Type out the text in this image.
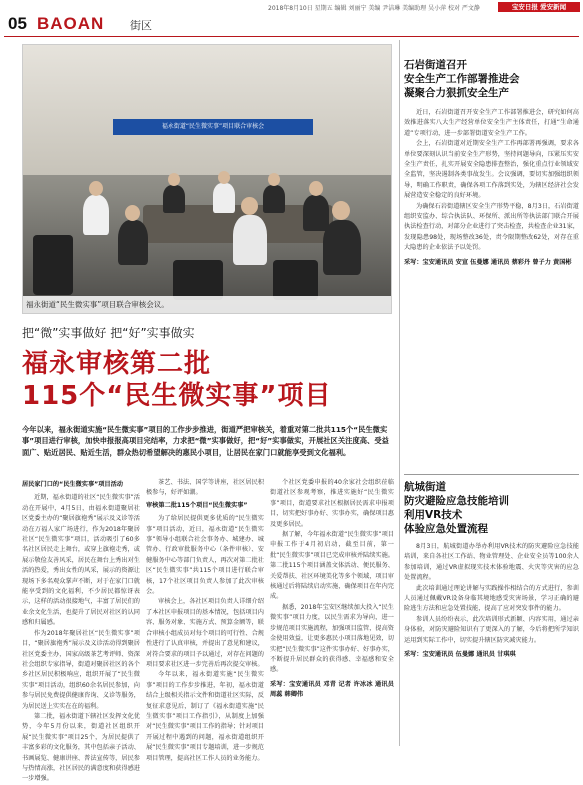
05 BAOAN 街区
2018年8月10日 星期五 编辑 刘丽宁 美编 尹洁琳 美编助理 吴小萍 校对 严文静	宝安日报 爱安新闻
福永街道“民生微实事”项目联合审核会
福永街道“民生微实事”项目联合审核会议。
把“微”实事做好 把“好”实事做实
福永审核第二批
115个“民生微实事”项目
今年以来，福永街道实施“民生微实事”项目的工作步步推进，街道严把审核关，着重对第二批共115个“民生微实事”项目进行审核，加快申报报高项目完结率，力求把“微”实事做好，把“好”实事做实，开展社区关注度高、受益面广、贴近居民、贴近生活，群众热切希望解决的惠民小项目，让居民在家门口就能享受到文化福利。

居民家门口的“民生微实事”项目活动

近期，福永街道的社区“民生微实事”活动在开展中，4月5日，由福永街道聚居社区党委主办的“聚居旗袍秀”展示及义诊等活动在万福人家广场进行，作为2018年聚居社区“民生微实事”项目，活动吸引了60多名社区居民走上舞台，或穿上旗袍走秀，或展示敬俭友善风采，居民在舞台上秀出对生活的热爱，秀出女性的风采，展示的资源让现场下多名观众掌声不断，对于在家门口就能享受到的文化福利，不少居民都惊讶表示，这样的活动很接地气，丰富了居民们的业余文化生活，也提升了居民对社区的认同感和归属感。

作为2018年聚居社区“民生微实事”项目，“聚居旗袍秀”展示及义诊活动得到聚居社区党委主办，国家高级茶艺考评师、资深社会组织专家指导，街道对聚居社区的各个乡社区居民积极响应，组织开展了“民生微实事”项目活动，组织60余名居民参加，向参与居民免费提供健康咨询、义诊等服务，为居民送上实实在在的福利。

第二批，福永街道下辖社区发挥文化优势，今年5月份以来，街道社区组织开展“民生微实事”项目25个，为居民提供了丰富多彩的文化服务，其中包括亲子活动、书画展览、健康讲座、普法宣传等，居民参与热情高涨，社区居民的满意度和获得感进一步增强。

茶艺、书法、国学等讲座，社区居民积极参与，好评如潮。

审核第二批115个项目“民生微实事”

为了给居民提供更多优质的“民生微实事”项目活动，近日，福永街道“民生微实事”领导小组联合社会事务办、城建办、城管办、行政审批服务中心（条件审核）、安健服务中心等部门负责人，再次对第二批社区“民生微实事”共115个项目进行联合审核，17个社区项目负责人参加了此次审核会。

审核会上，各社区项目负责人详细介绍了本社区申报项目的基本情况，包括项目内容、服务对象、实施方式、预算金额等，联合审核小组成员对每个项目的可行性、合规性进行了认真审核，并提出了意见和建议，对符合要求的项目予以通过，对存在问题的项目要求社区进一步完善后再次提交审核。

今年以来，福永街道实施“民生微实事”项目的工作步步推进，年初，福永街道结合上级相关指示文件和街道社区实际，反复征求意见后，制订了《福永街道实施“民生微实事”项目工作指引》，从制度上加强对“民生微实事”项目工作的指导；针对项目开展过程中遇到的问题，福永街道组织开展“民生微实事”项目专题培训，进一步规范项目管理，提高社区工作人员的业务能力。

个社区党委申报的40余家社会组织莅临街道社区参观考察，推进实施好“民生微实事”项目，街道要求社区根据居民需求申报项目，切实把好事办好、实事办实，确保项目惠及更多居民。

据了解，今年福永街道“民生微实事”项目申报工作于4月初启动，截至目前，第一批“民生微实事”项目已完成审核并陆续实施。第二批115个项目涵盖文体活动、便民服务、关爱帮扶、社区环境美化等多个领域，项目审核通过后将陆续启动实施，确保项目在年内完成。

据悉，2018年宝安区继续加大投入“民生微实事”项目力度，以民生需求为导向，进一步规范项目实施流程，加强项目监管，提高资金使用效益，让更多惠民小项目落地见效，切实把“民生微实事”这件实事办好、好事办实，不断提升居民群众的获得感、幸福感和安全感。

采写：宝安通讯员 邓青 记者 许冰冰 通讯员 周蕊 韩卿伟

石岩街道召开
安全生产工作部署推进会
凝聚合力狠抓安全生产

近日，石岩街道召开安全生产工作部署推进会，研究如何高效推进落实八大生产经营单位安全生产主体责任，打通“生命通道”专项行动，进一步部署街道安全生产工作。

会上，石岩街道对近期安全生产工作再部署再强调，要求各单位要深刻认识当前安全生产形势，坚持问题导向，压紧压实安全生产责任，扎实开展安全隐患排查整治，强化重点行业领域安全监管，坚决遏制各类事故发生。会议强调，要切实加强组织领导，明确工作职责，确保各项工作落到实处，为辖区经济社会发展营造安全稳定的良好环境。

为确保石岩街道辖区安全生产形势平稳，8月3日，石岩街道组织安监办、综合执法队、环保所、派出所等执法部门联合开展执法检查行动，对部分企业进行了突击检查，共检查企业31家，发现隐患98处，现场整改36处，责令限期整改62处，对存在重大隐患的企业依法予以处罚。

采写：宝安通讯员 安宣 伍曼娜 通讯员 蔡彩丹 曾子力 黄国彬

航城街道
防灾避险应急技能培训
利用VR技术
体验应急处置流程

8月3日，航城街道办举办利用VR技术的防灾避险应急技能培训，来自各社区工作站、物业管理处、企业安全员等100余人参加培训，通过VR虚拟现实技术体验地震、火灾等灾害的应急处置流程。

此次培训通过理论讲解与实践操作相结合的方式进行，参训人员通过佩戴VR设备身临其境地感受灾害场景，学习正确的避险逃生方法和应急处置技能，提高了应对突发事件的能力。

参训人员纷纷表示，此次培训形式新颖、内容实用，通过亲身体验，对防灾避险知识有了更深入的了解，今后将把所学知识运用到实际工作中，切实提升辖区防灾减灾能力。

采写：宝安通讯员 伍曼娜 通讯员 甘琪琪
